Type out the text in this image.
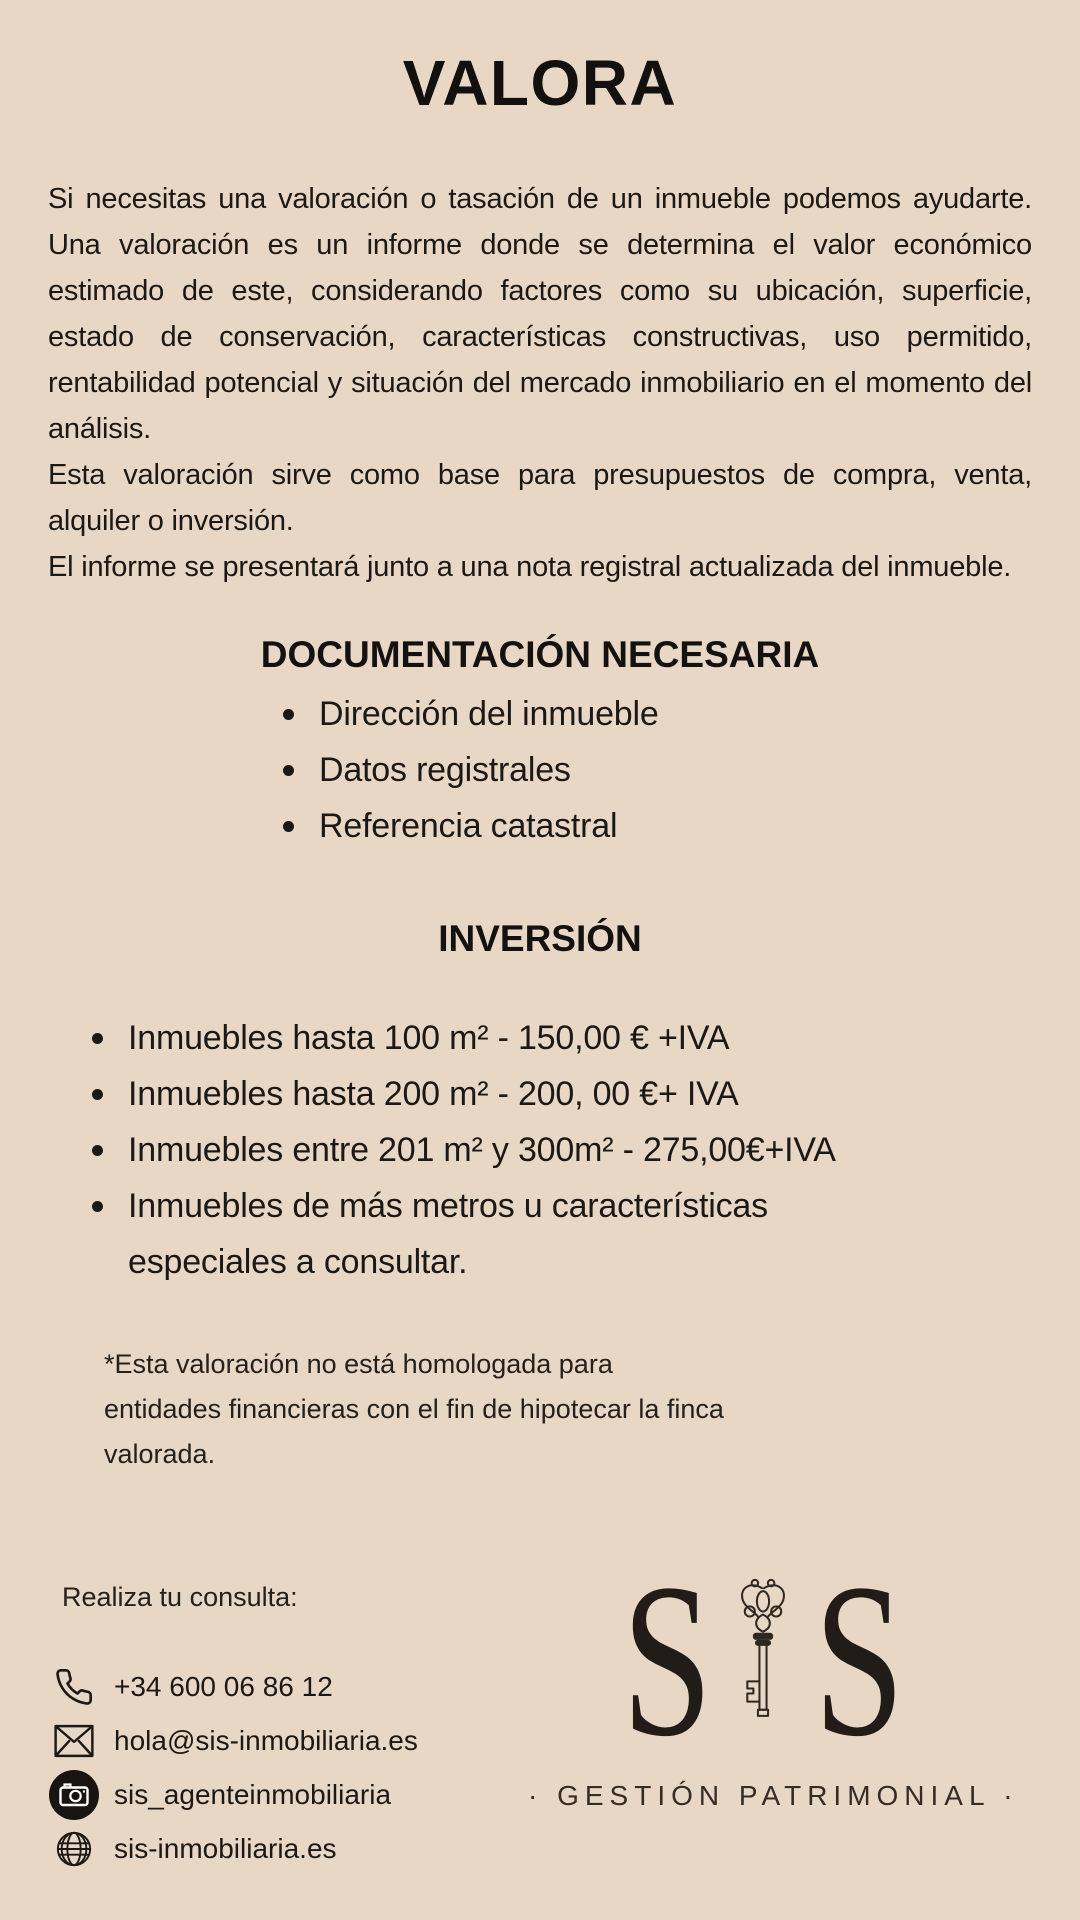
VALORA

Si necesitas una valoración o tasación de un inmueble podemos ayudarte. Una valoración es un informe donde se determina el valor económico estimado de este, considerando factores como su ubicación, superficie, estado de conservación, características constructivas, uso permitido, rentabilidad potencial y situación del mercado inmobiliario en el momento del análisis.

Esta valoración sirve como base para presupuestos de compra, venta, alquiler o inversión.

El informe se presentará junto a una nota registral actualizada del inmueble.

DOCUMENTACIÓN NECESARIA
Dirección del inmueble
Datos registrales
Referencia catastral
INVERSIÓN
Inmuebles hasta 100 m² - 150,00 € +IVA
Inmuebles hasta 200 m² - 200, 00 €+ IVA
Inmuebles entre 201 m² y 300m² - 275,00€+IVA
Inmuebles de más metros u características especiales a consultar.

*Esta valoración no está homologada para entidades financieras con el fin de hipotecar la finca valorada.

Realiza tu consulta:
+34 600 06 86 12
hola@sis-inmobiliaria.es
sis_agenteinmobiliaria
sis-inmobiliaria.es
S S
· GESTIÓN PATRIMONIAL ·
